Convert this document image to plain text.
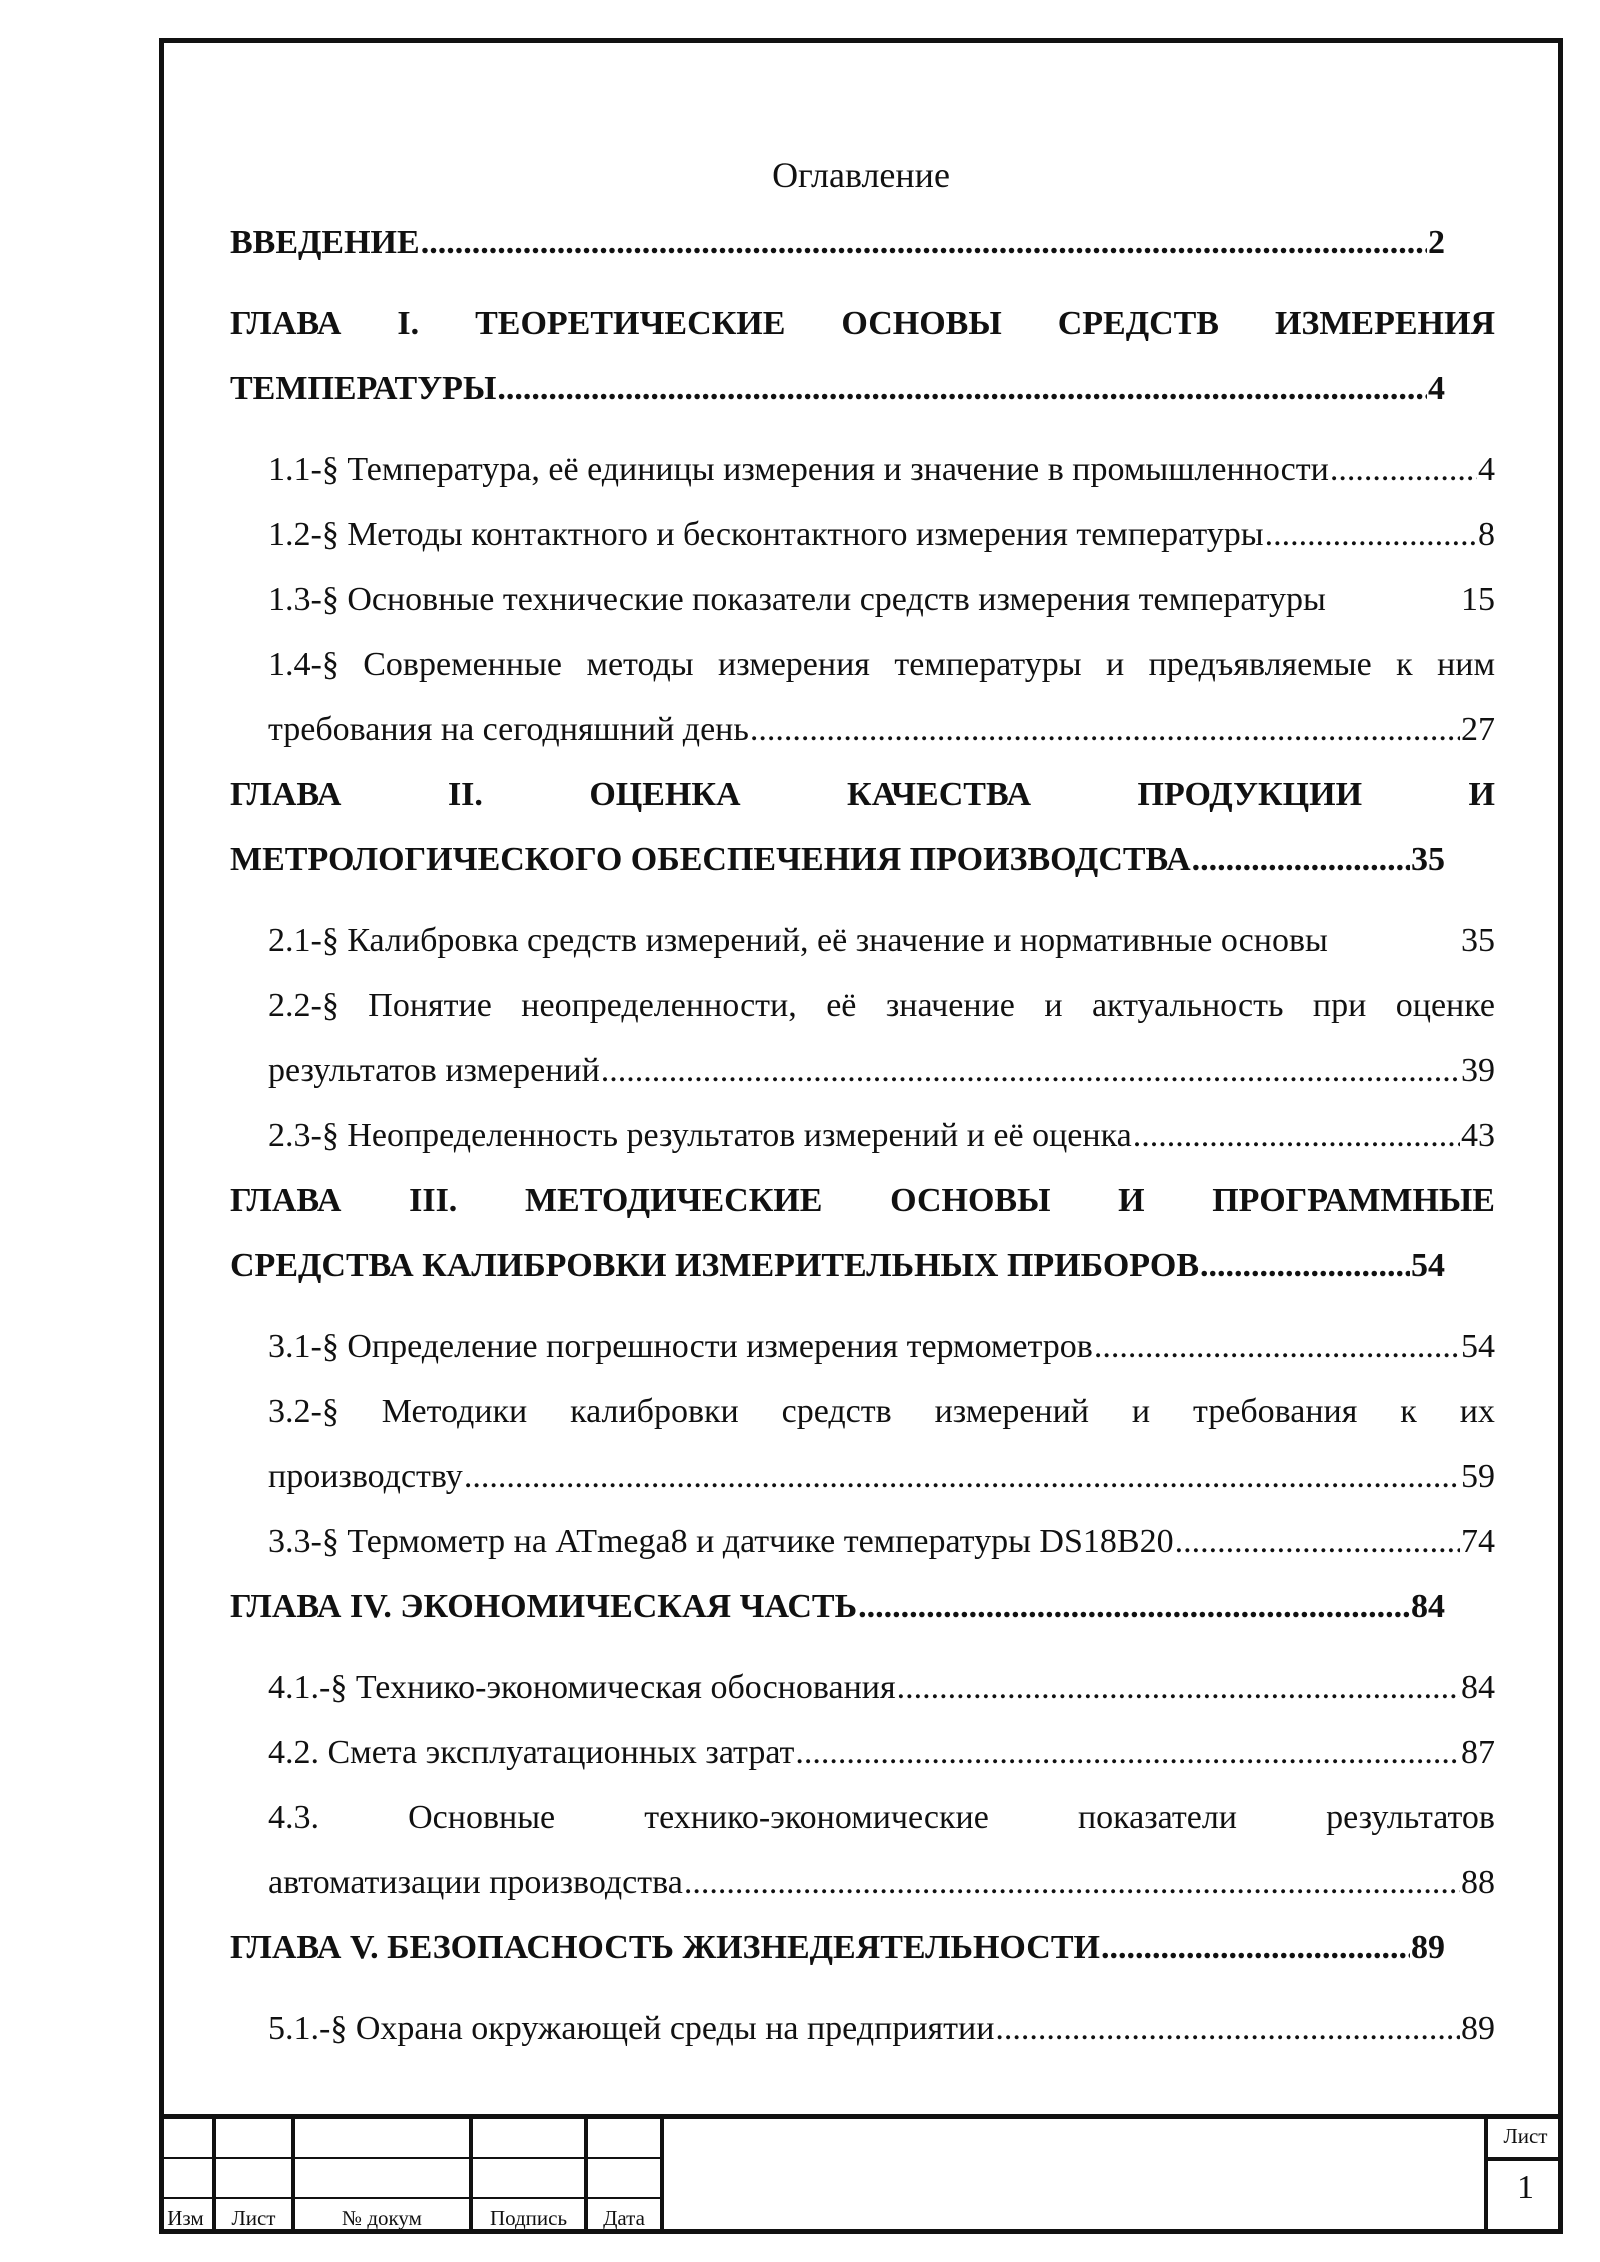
Оглавление
ВВЕДЕНИЕ .....	2
ГЛАВА I. ТЕОРЕТИЧЕСКИЕ ОСНОВЫ СРЕДСТВ ИЗМЕРЕНИЯ
ТЕМПЕРАТУРЫ .....	4
1.1-§ Температура, её единицы измерения и значение в промышленности .....	4
1.2-§ Методы контактного и бесконтактного измерения температуры .....	8
1.3-§ Основные технические показатели средств измерения температуры	15
1.4-§ Современные методы измерения температуры и предъявляемые к ним
требования на сегодняшний день .....	27
ГЛАВА	II.	ОЦЕНКА	КАЧЕСТВА	ПРОДУКЦИИ	И
МЕТРОЛОГИЧЕСКОГО ОБЕСПЕЧЕНИЯ ПРОИЗВОДСТВА .....	35
2.1-§ Калибровка средств измерений, её значение и нормативные основы	35
2.2-§ Понятие неопределенности, её значение и актуальность при оценке
результатов измерений .....	39
2.3-§ Неопределенность результатов измерений и её оценка .....	43
ГЛАВА III. МЕТОДИЧЕСКИЕ ОСНОВЫ И ПРОГРАММНЫЕ
СРЕДСТВА КАЛИБРОВКИ ИЗМЕРИТЕЛЬНЫХ ПРИБОРОВ .....	54
3.1-§ Определение погрешности измерения термометров .....	54
3.2-§ Методики калибровки средств измерений и требования к их
производству .....	59
3.3-§ Термометр на ATmega8 и датчике температуры DS18B20 .....	74
ГЛАВА IV. ЭКОНОМИЧЕСКАЯ ЧАСТЬ .....	84
4.1.-§ Технико-экономическая обоснования .....	84
4.2. Смета эксплуатационных затрат .....	87
4.3.	Основные	технико-экономические	показатели	результатов
автоматизации производства .....	88
ГЛАВА V. БЕЗОПАСНОСТЬ ЖИЗНЕДЕЯТЕЛЬНОСТИ .....	89
5.1.-§ Охрана окружающей среды на предприятии .....	89
Изм	Лист	№ докум	Подпись	Дата
Лист
1
